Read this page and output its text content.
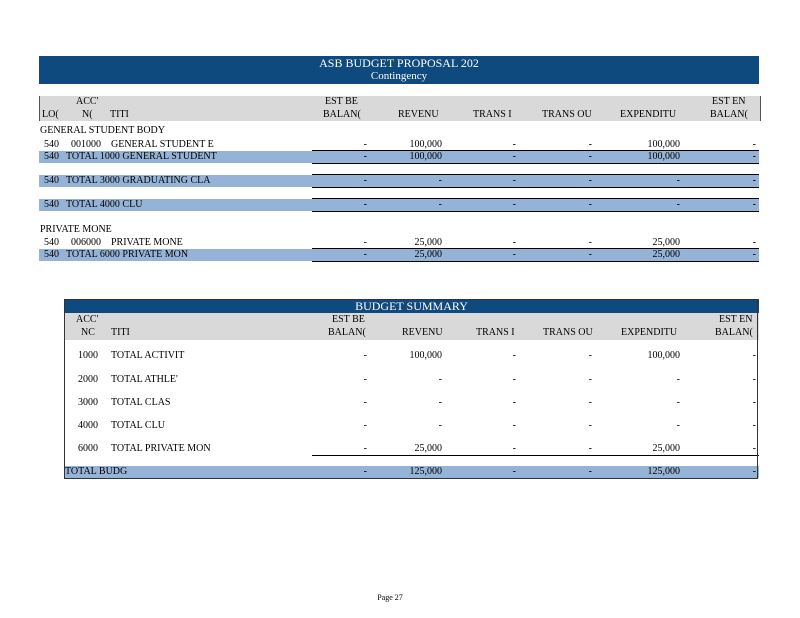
ASB BUDGET PROPOSAL 202
Contingency
ACC'
LO(	N(	TITI
EST BE
BALAN(	REVENU	TRANS I	TRANS OU	EXPENDITU
EST EN
BALAN(
GENERAL STUDENT BODY
540	001000	GENERAL STUDENT E	-	100,000	-	-	100,000	-
540 TOTAL 1000 GENERAL STUDENT	-	100,000	-	-	100,000	-
540 TOTAL 3000 GRADUATING CLA	-	-	-	-	-	-
540 TOTAL 4000 CLU	-	-	-	-	-	-
PRIVATE MONE
540	006000	PRIVATE MONE	-	25,000	-	-	25,000	-
540 TOTAL 6000 PRIVATE MON	-	25,000	-	-	25,000	-
BUDGET SUMMARY
ACC'
NC	TITI
EST BE
BALAN(	REVENU	TRANS I	TRANS OU	EXPENDITU
EST EN
BALAN(
1000	TOTAL ACTIVIT	-	100,000	-	-	100,000	-
2000	TOTAL ATHLE'	-	-	-	-	-	-
3000	TOTAL CLAS	-	-	-	-	-	-
4000	TOTAL CLU	-	-	-	-	-	-
6000	TOTAL PRIVATE MON	-	25,000	-	-	25,000	-
TOTAL BUDG	-	125,000	-	-	125,000	-
Page 27
